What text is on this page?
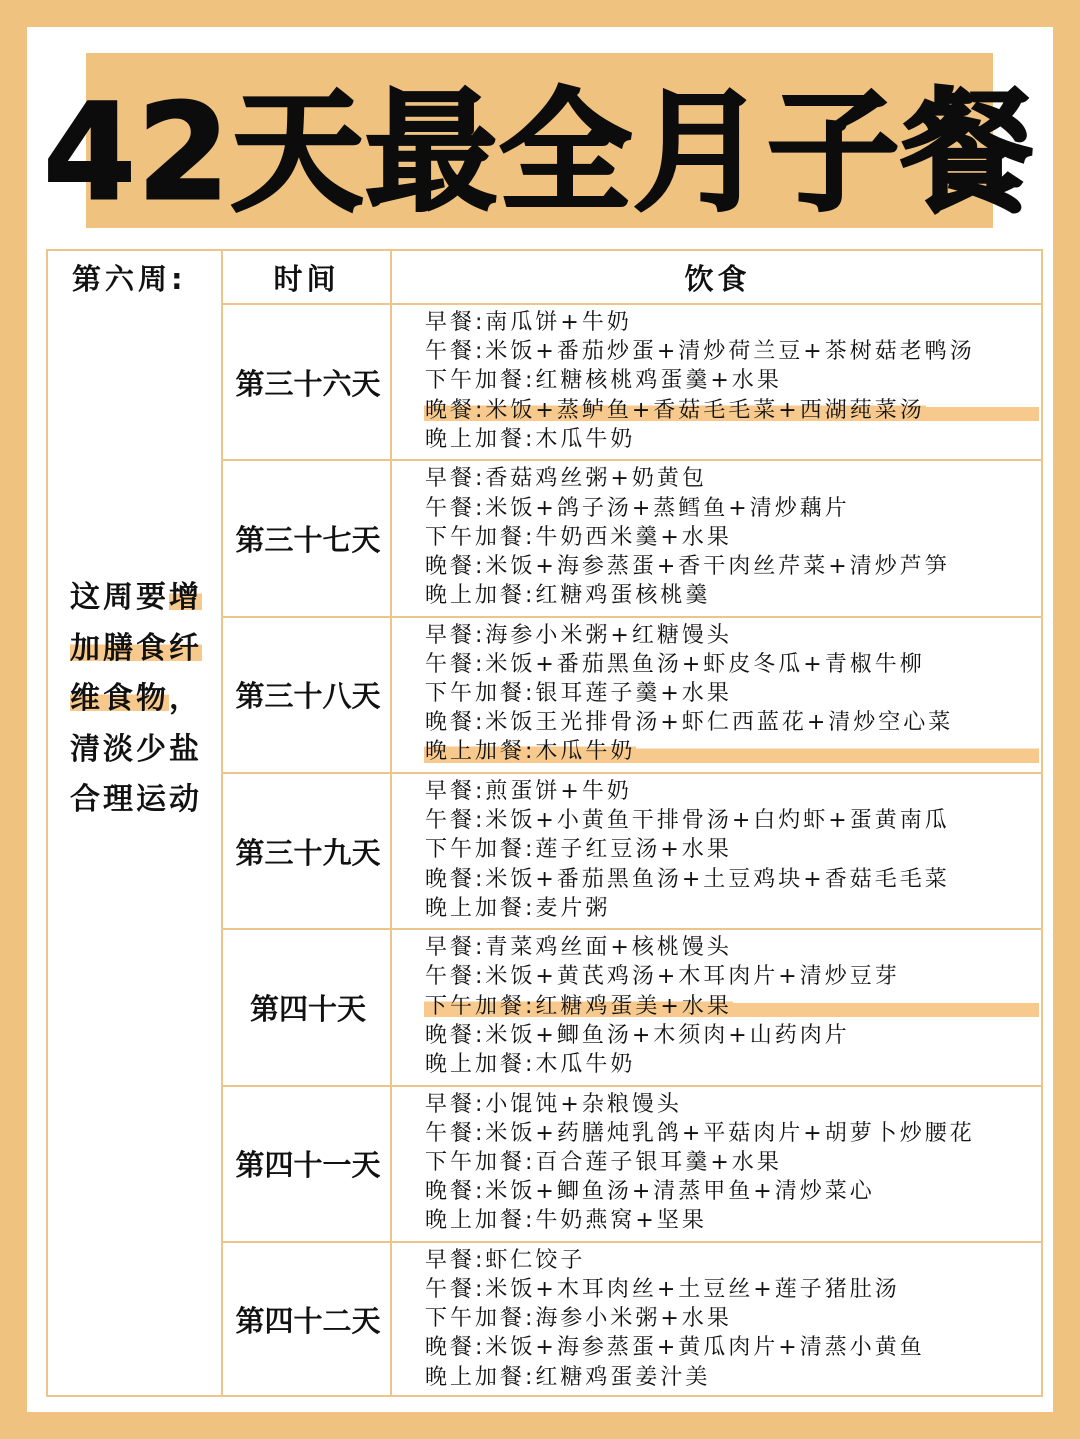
42天最全月子餐
第六周:	时间	饮食
这周要增
加膳食纤
维食物，
清淡少盐
合理运动
第三十六天
早餐:南瓜饼+牛奶
午餐:米饭+番茄炒蛋+清炒荷兰豆+茶树菇老鸭汤
下午加餐:红糖核桃鸡蛋羹+水果
晚餐:米饭+蒸鲈鱼+香菇毛毛菜+西湖莼菜汤
晚上加餐:木瓜牛奶
第三十七天
早餐:香菇鸡丝粥+奶黄包
午餐:米饭+鸽子汤+蒸鳕鱼+清炒藕片
下午加餐:牛奶西米羹+水果
晚餐:米饭+海参蒸蛋+香干肉丝芹菜+清炒芦笋
晚上加餐:红糖鸡蛋核桃羹
第三十八天
早餐:海参小米粥+红糖馒头
午餐:米饭+番茄黑鱼汤+虾皮冬瓜+青椒牛柳
下午加餐:银耳莲子羹+水果
晚餐:米饭王光排骨汤+虾仁西蓝花+清炒空心菜
晚上加餐:木瓜牛奶
第三十九天
早餐:煎蛋饼+牛奶
午餐:米饭+小黄鱼干排骨汤+白灼虾+蛋黄南瓜
下午加餐:莲子红豆汤+水果
晚餐:米饭+番茄黑鱼汤+土豆鸡块+香菇毛毛菜
晚上加餐:麦片粥
第四十天
早餐:青菜鸡丝面+核桃馒头
午餐:米饭+黄芪鸡汤+木耳肉片+清炒豆芽
下午加餐:红糖鸡蛋美+水果
晚餐:米饭+鲫鱼汤+木须肉+山药肉片
晚上加餐:木瓜牛奶
第四十一天
早餐:小馄饨+杂粮馒头
午餐:米饭+药膳炖乳鸽+平菇肉片+胡萝卜炒腰花
下午加餐:百合莲子银耳羹+水果
晚餐:米饭+鲫鱼汤+清蒸甲鱼+清炒菜心
晚上加餐:牛奶燕窝+坚果
第四十二天
早餐:虾仁饺子
午餐:米饭+木耳肉丝+土豆丝+莲子猪肚汤
下午加餐:海参小米粥+水果
晚餐:米饭+海参蒸蛋+黄瓜肉片+清蒸小黄鱼
晚上加餐:红糖鸡蛋姜汁美
